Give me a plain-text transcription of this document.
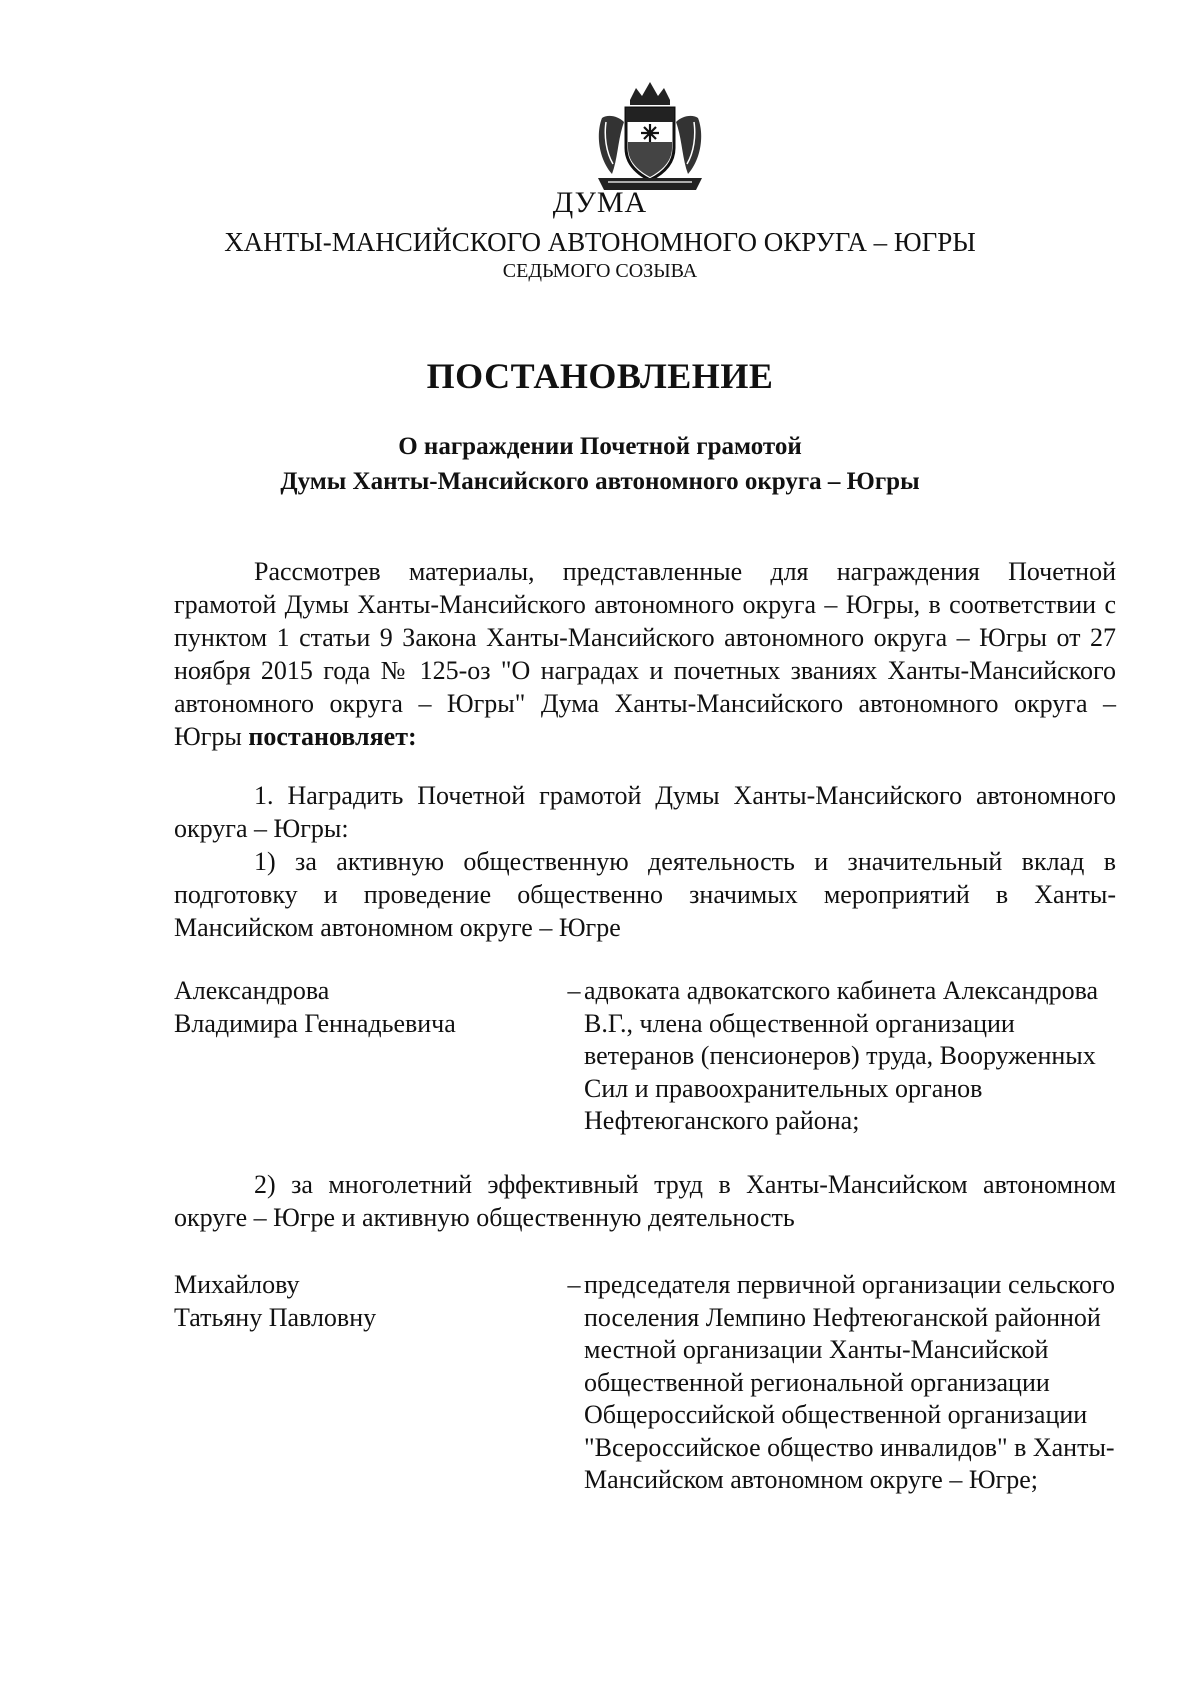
ДУМА
ХАНТЫ-МАНСИЙСКОГО АВТОНОМНОГО ОКРУГА – ЮГРЫ
СЕДЬМОГО СОЗЫВА
ПОСТАНОВЛЕНИЕ
О награждении Почетной грамотой
Думы Ханты-Мансийского автономного округа – Югры

Рассмотрев материалы, представленные для награждения Почетной грамотой Думы Ханты-Мансийского автономного округа – Югры, в соответствии с пунктом 1 статьи 9 Закона Ханты-Мансийского автономного округа – Югры от 27 ноября 2015 года № 125-оз "О наградах и почетных званиях Ханты-Мансийского автономного округа – Югры" Дума Ханты-Мансийского автономного округа – Югры постановляет:

1. Наградить Почетной грамотой Думы Ханты-Мансийского автономного округа – Югры:

1) за активную общественную деятельность и значительный вклад в подготовку и проведение общественно значимых мероприятий в Ханты-Мансийском автономном округе – Югре

Александрова
Владимира Геннадьевича
– адвоката адвокатского кабинета Александрова В.Г., члена общественной организации ветеранов (пенсионеров) труда, Вооруженных Сил и правоохранительных органов Нефтеюганского района;

2) за многолетний эффективный труд в Ханты-Мансийском автономном округе – Югре и активную общественную деятельность

Михайлову
Татьяну Павловну
– председателя первичной организации сельского поселения Лемпино Нефтеюганской районной местной организации Ханты-Мансийской общественной региональной организации Общероссийской общественной организации "Всероссийское общество инвалидов" в Ханты-Мансийском автономном округе – Югре;
